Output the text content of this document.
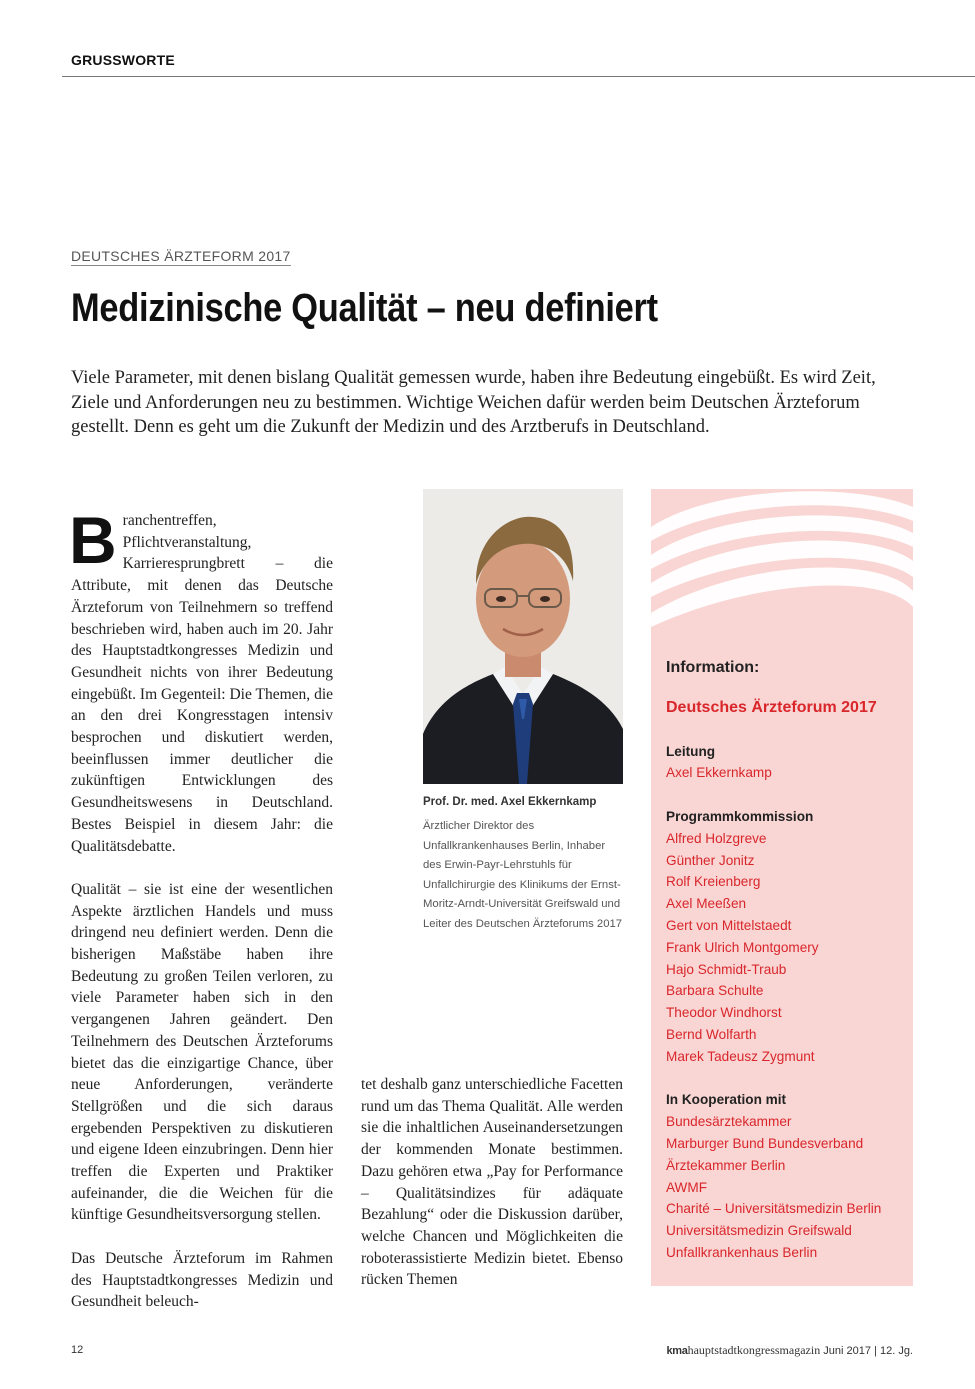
GRUSSWORTE
DEUTSCHES ÄRZTEFORM 2017
Medizinische Qualität – neu definiert
Viele Parameter, mit denen bislang Qualität gemessen wurde, haben ihre Bedeutung eingebüßt. Es wird Zeit, Ziele und Anforderungen neu zu bestimmen. Wichtige Weichen dafür werden beim Deutschen Ärzteforum gestellt. Denn es geht um die Zukunft der Medizin und des Arztberufs in Deutschland.

Branchentreffen, Pflichtveranstaltung, Karrieresprungbrett – die Attribute, mit denen das Deutsche Ärzteforum von Teilnehmern so treffend beschrieben wird, haben auch im 20. Jahr des Hauptstadtkongresses Medizin und Gesundheit nichts von ihrer Bedeutung eingebüßt. Im Gegenteil: Die Themen, die an den drei Kongresstagen intensiv besprochen und diskutiert werden, beeinflussen immer deutlicher die zukünftigen Entwicklungen des Gesundheitswesens in Deutschland. Bestes Beispiel in diesem Jahr: die Qualitätsdebatte.

Qualität – sie ist eine der wesentlichen Aspekte ärztlichen Handels und muss dringend neu definiert werden. Denn die bisherigen Maßstäbe haben ihre Bedeutung zu großen Teilen verloren, zu viele Parameter haben sich in den vergangenen Jahren geändert. Den Teilnehmern des Deutschen Ärzteforums bietet das die einzigartige Chance, über neue Anforderungen, veränderte Stellgrößen und die sich daraus ergebenden Perspektiven zu diskutieren und eigene Ideen einzubringen. Denn hier treffen die Experten und Praktiker aufeinander, die die Weichen für die künftige Gesundheitsversorgung stellen.

Das Deutsche Ärzteforum im Rahmen des Hauptstadtkongresses Medizin und Gesundheit beleuch-

Prof. Dr. med. Axel Ekkernkamp
Ärztlicher Direktor des Unfallkrankenhauses Berlin, Inhaber des Erwin-Payr-Lehrstuhls für Unfallchirurgie des Klinikums der Ernst-Moritz-Arndt-Universität Greifswald und Leiter des Deutschen Ärzteforums 2017

tet deshalb ganz unterschiedliche Facetten rund um das Thema Qualität. Alle werden sie die inhaltlichen Auseinandersetzungen der kommenden Monate bestimmen. Dazu gehören etwa „Pay for Performance – Qualitätsindizes für adäquate Bezahlung“ oder die Diskussion darüber, welche Chancen und Möglichkeiten die roboterassistierte Medizin bietet. Ebenso rücken Themen

Information:
Deutsches Ärzteforum 2017
Leitung
Axel Ekkernkamp
Programmkommission
Alfred Holzgreve
Günther Jonitz
Rolf Kreienberg
Axel Meeßen
Gert von Mittelstaedt
Frank Ulrich Montgomery
Hajo Schmidt-Traub
Barbara Schulte
Theodor Windhorst
Bernd Wolfarth
Marek Tadeusz Zygmunt
In Kooperation mit
Bundesärztekammer
Marburger Bund Bundesverband
Ärztekammer Berlin
AWMF
Charité – Universitätsmedizin Berlin
Universitätsmedizin Greifswald
Unfallkrankenhaus Berlin
12	kmahauptstadtkongressmagazin Juni 2017 | 12. Jg.
